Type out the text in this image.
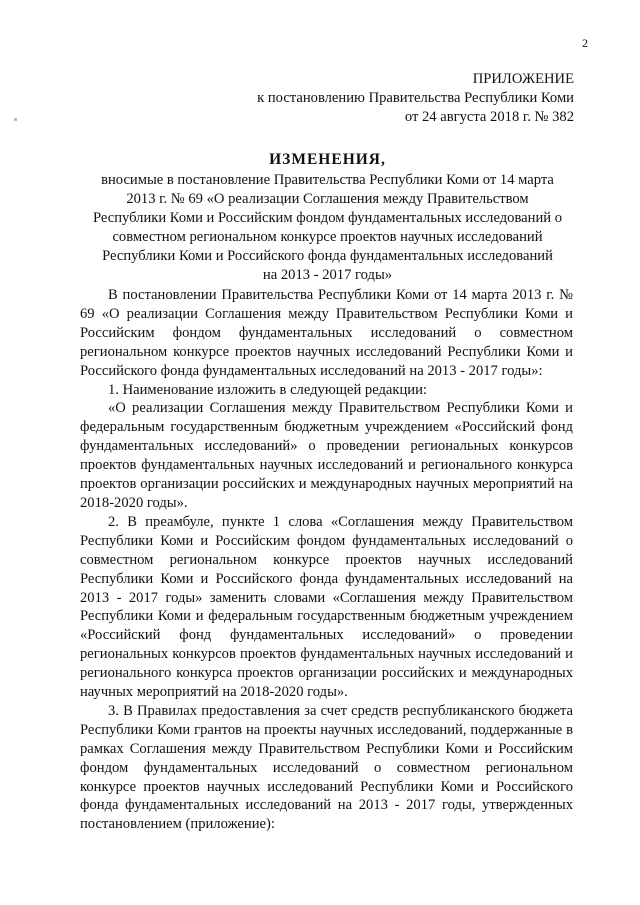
2
ПРИЛОЖЕНИЕ
к постановлению Правительства Республики Коми
от 24 августа 2018 г. № 382
ИЗМЕНЕНИЯ,
вносимые в постановление Правительства Республики Коми от 14 марта
2013 г. № 69 «О реализации Соглашения между Правительством
Республики Коми и Российским фондом фундаментальных исследований о
совместном региональном конкурсе проектов научных исследований
Республики Коми и Российского фонда фундаментальных исследований
на 2013 - 2017 годы»

В постановлении Правительства Республики Коми от 14 марта 2013 г. № 69 «О реализации Соглашения между Правительством Республики Коми и Российским фондом фундаментальных исследований о совместном региональном конкурсе проектов научных исследований Республики Коми и Российского фонда фундаментальных исследований на 2013 - 2017 годы»:

1. Наименование изложить в следующей редакции:

«О реализации Соглашения между Правительством Республики Коми и федеральным государственным бюджетным учреждением «Российский фонд фундаментальных исследований» о проведении региональных конкурсов проектов фундаментальных научных исследований и регионального конкурса проектов организации российских и международных научных мероприятий на 2018-2020 годы».

2. В преамбуле, пункте 1 слова «Соглашения между Правительством Республики Коми и Российским фондом фундаментальных исследований о совместном региональном конкурсе проектов научных исследований Республики Коми и Российского фонда фундаментальных исследований на 2013 - 2017 годы» заменить словами «Соглашения между Правительством Республики Коми и федеральным государственным бюджетным учреждением «Российский фонд фундаментальных исследований» о проведении региональных конкурсов проектов фундаментальных научных исследований и регионального конкурса проектов организации российских и международных научных мероприятий на 2018-2020 годы».

3. В Правилах предоставления за счет средств республиканского бюджета Республики Коми грантов на проекты научных исследований, поддержанные в рамках Соглашения между Правительством Республики Коми и Российским фондом фундаментальных исследований о совместном региональном конкурсе проектов научных исследований Республики Коми и Российского фонда фундаментальных исследований на 2013 - 2017 годы, утвержденных постановлением (приложение):
